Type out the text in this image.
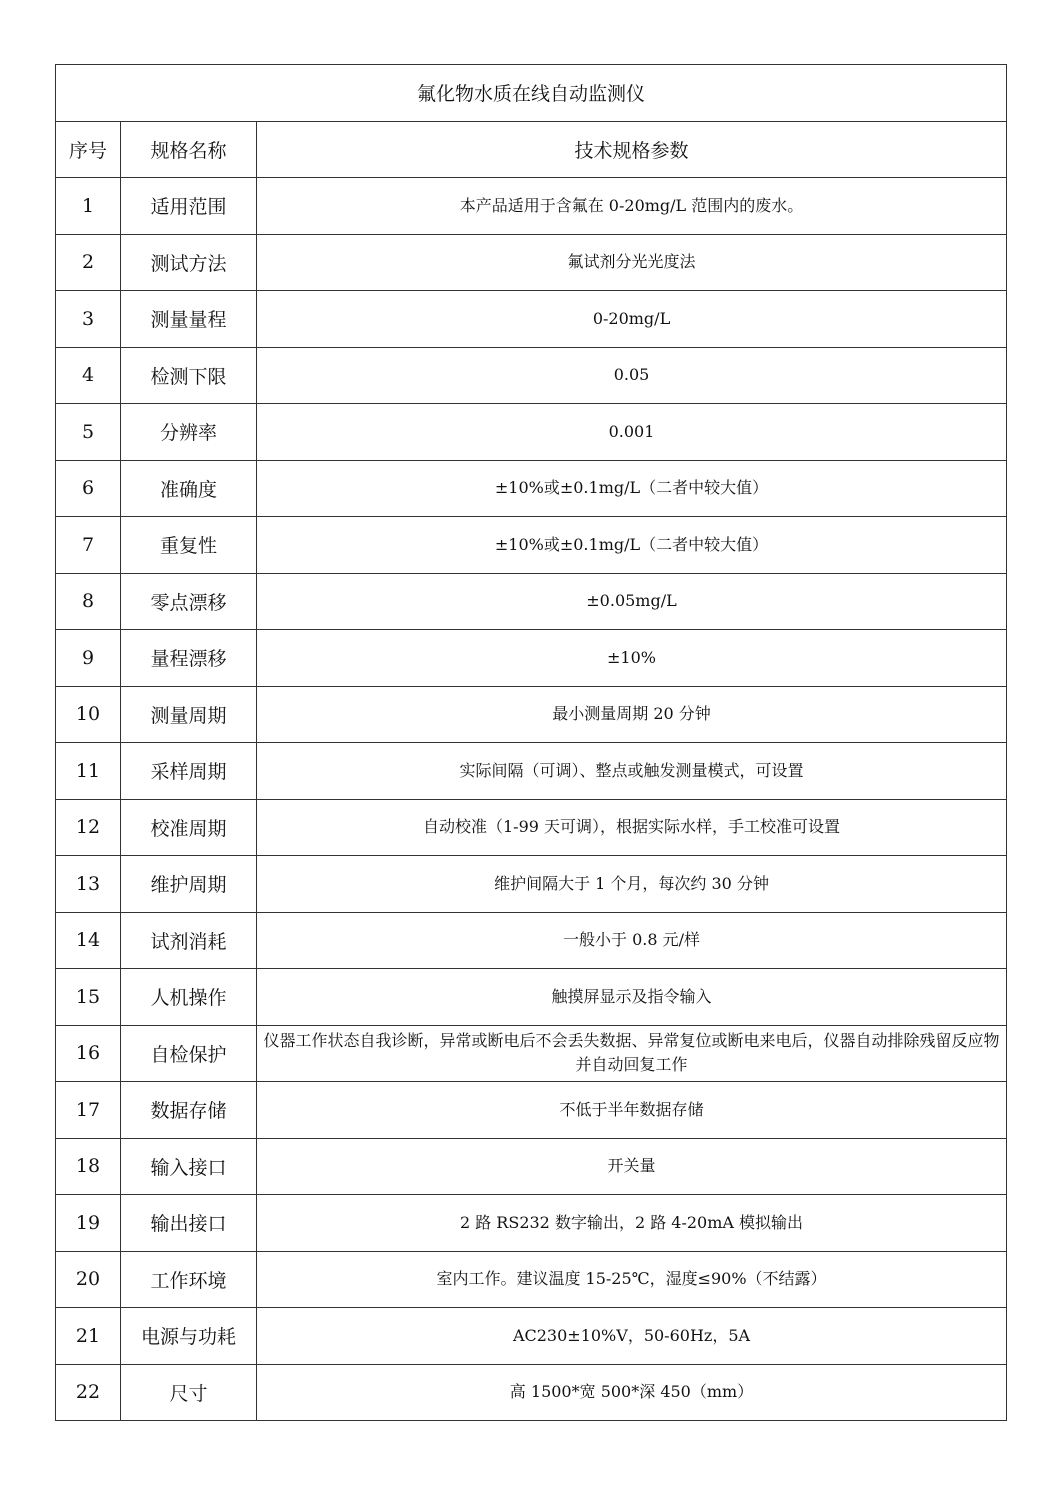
氟化物水质在线自动监测仪		
序号	规格名称	技术规格参数
1	适用范围	本产品适用于含氟在 0-20mg/L 范围内的废水。
2	测试方法	氟试剂分光光度法
3	测量量程	0-20mg/L
4	检测下限	0.05
5	分辨率	0.001
6	准确度	±10%或±0.1mg/L（二者中较大值）
7	重复性	±10%或±0.1mg/L（二者中较大值）
8	零点漂移	±0.05mg/L
9	量程漂移	±10%
10	测量周期	最小测量周期 20 分钟
11	采样周期	实际间隔（可调）、整点或触发测量模式，可设置
12	校准周期	自动校准（1-99 天可调），根据实际水样，手工校准可设置
13	维护周期	维护间隔大于 1 个月，每次约 30 分钟
14	试剂消耗	一般小于 0.8 元/样
15	人机操作	触摸屏显示及指令输入
16	自检保护	仪器工作状态自我诊断，异常或断电后不会丢失数据、异常复位或断电来电后，仪器自动排除残留反应物并自动回复工作
17	数据存储	不低于半年数据存储
18	输入接口	开关量
19	输出接口	2 路 RS232 数字输出，2 路 4-20mA 模拟输出
20	工作环境	室内工作。建议温度 15-25℃，湿度≤90%（不结露）
21	电源与功耗	AC230±10%V，50-60Hz，5A
22	尺寸	高 1500*宽 500*深 450（mm）
